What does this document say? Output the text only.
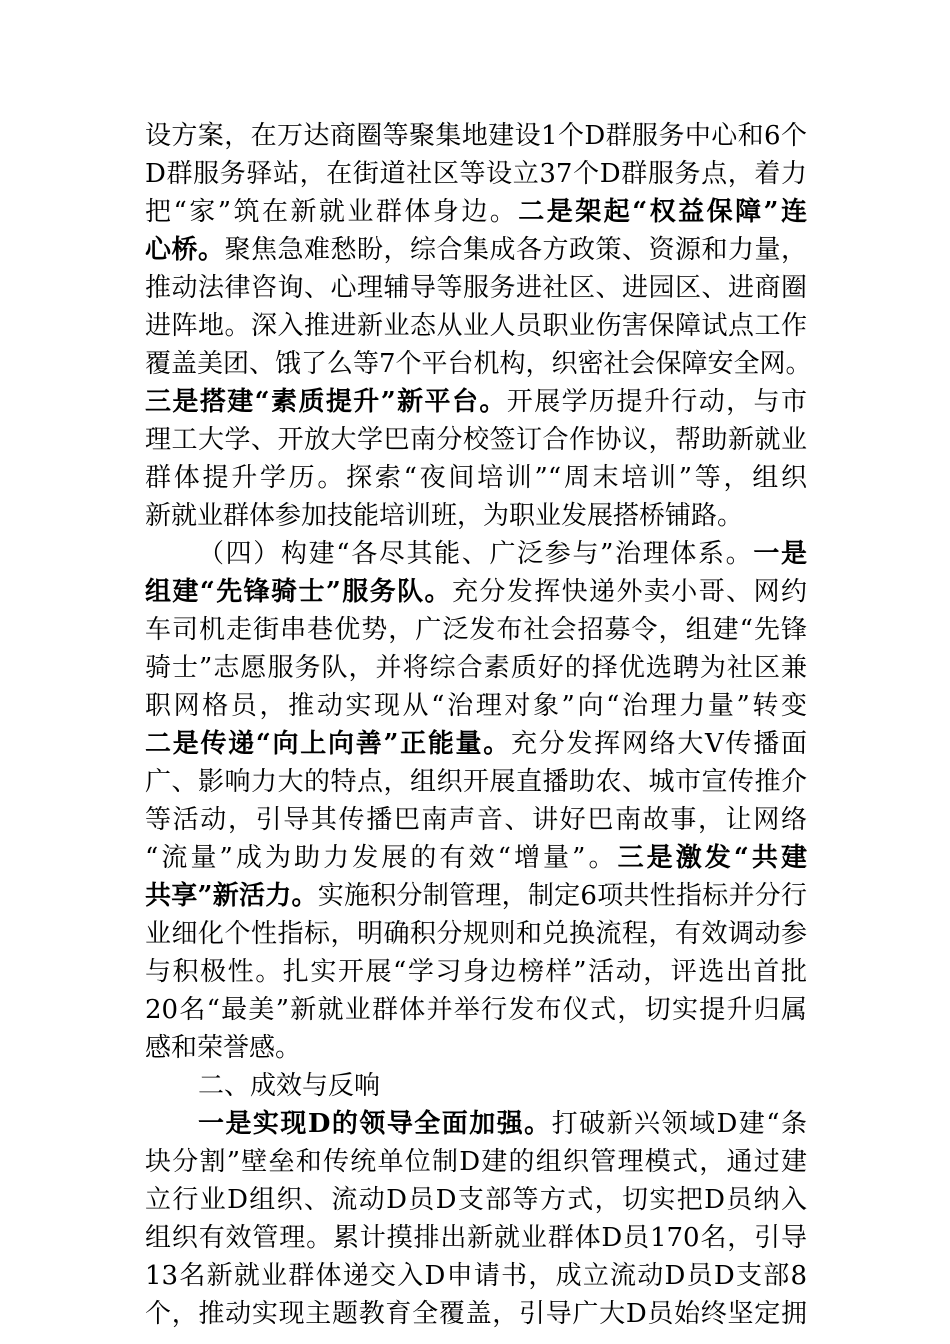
设方案，在万达商圈等聚集地建设1个D群服务中心和6个
D群服务驿站，在街道社区等设立37个D群服务点，着力
把“家”筑在新就业群体身边。二是架起“权益保障”连
心桥。聚焦急难愁盼，综合集成各方政策、资源和力量，
推动法律咨询、心理辅导等服务进社区、进园区、进商圈
进阵地。深入推进新业态从业人员职业伤害保障试点工作
覆盖美团、饿了么等7个平台机构，织密社会保障安全网。
三是搭建“素质提升”新平台。开展学历提升行动，与市
理工大学、开放大学巴南分校签订合作协议，帮助新就业
群体提升学历。探索“夜间培训”“周末培训”等，组织
新就业群体参加技能培训班，为职业发展搭桥铺路。
（四）构建“各尽其能、广泛参与”治理体系。一是
组建“先锋骑士”服务队。充分发挥快递外卖小哥、网约
车司机走街串巷优势，广泛发布社会招募令，组建“先锋
骑士”志愿服务队，并将综合素质好的择优选聘为社区兼
职网格员，推动实现从“治理对象”向“治理力量”转变
二是传递“向上向善”正能量。充分发挥网络大V传播面
广、影响力大的特点，组织开展直播助农、城市宣传推介
等活动，引导其传播巴南声音、讲好巴南故事，让网络
“流量”成为助力发展的有效“增量”。三是激发“共建
共享”新活力。实施积分制管理，制定6项共性指标并分行
业细化个性指标，明确积分规则和兑换流程，有效调动参
与积极性。扎实开展“学习身边榜样”活动，评选出首批
20名“最美”新就业群体并举行发布仪式，切实提升归属
感和荣誉感。
二、成效与反响
一是实现D的领导全面加强。打破新兴领域D建“条
块分割”壁垒和传统单位制D建的组织管理模式，通过建
立行业D组织、流动D员D支部等方式，切实把D员纳入
组织有效管理。累计摸排出新就业群体D员170名，引导
13名新就业群体递交入D申请书，成立流动D员D支部8
个，推动实现主题教育全覆盖，引导广大D员始终坚定拥
